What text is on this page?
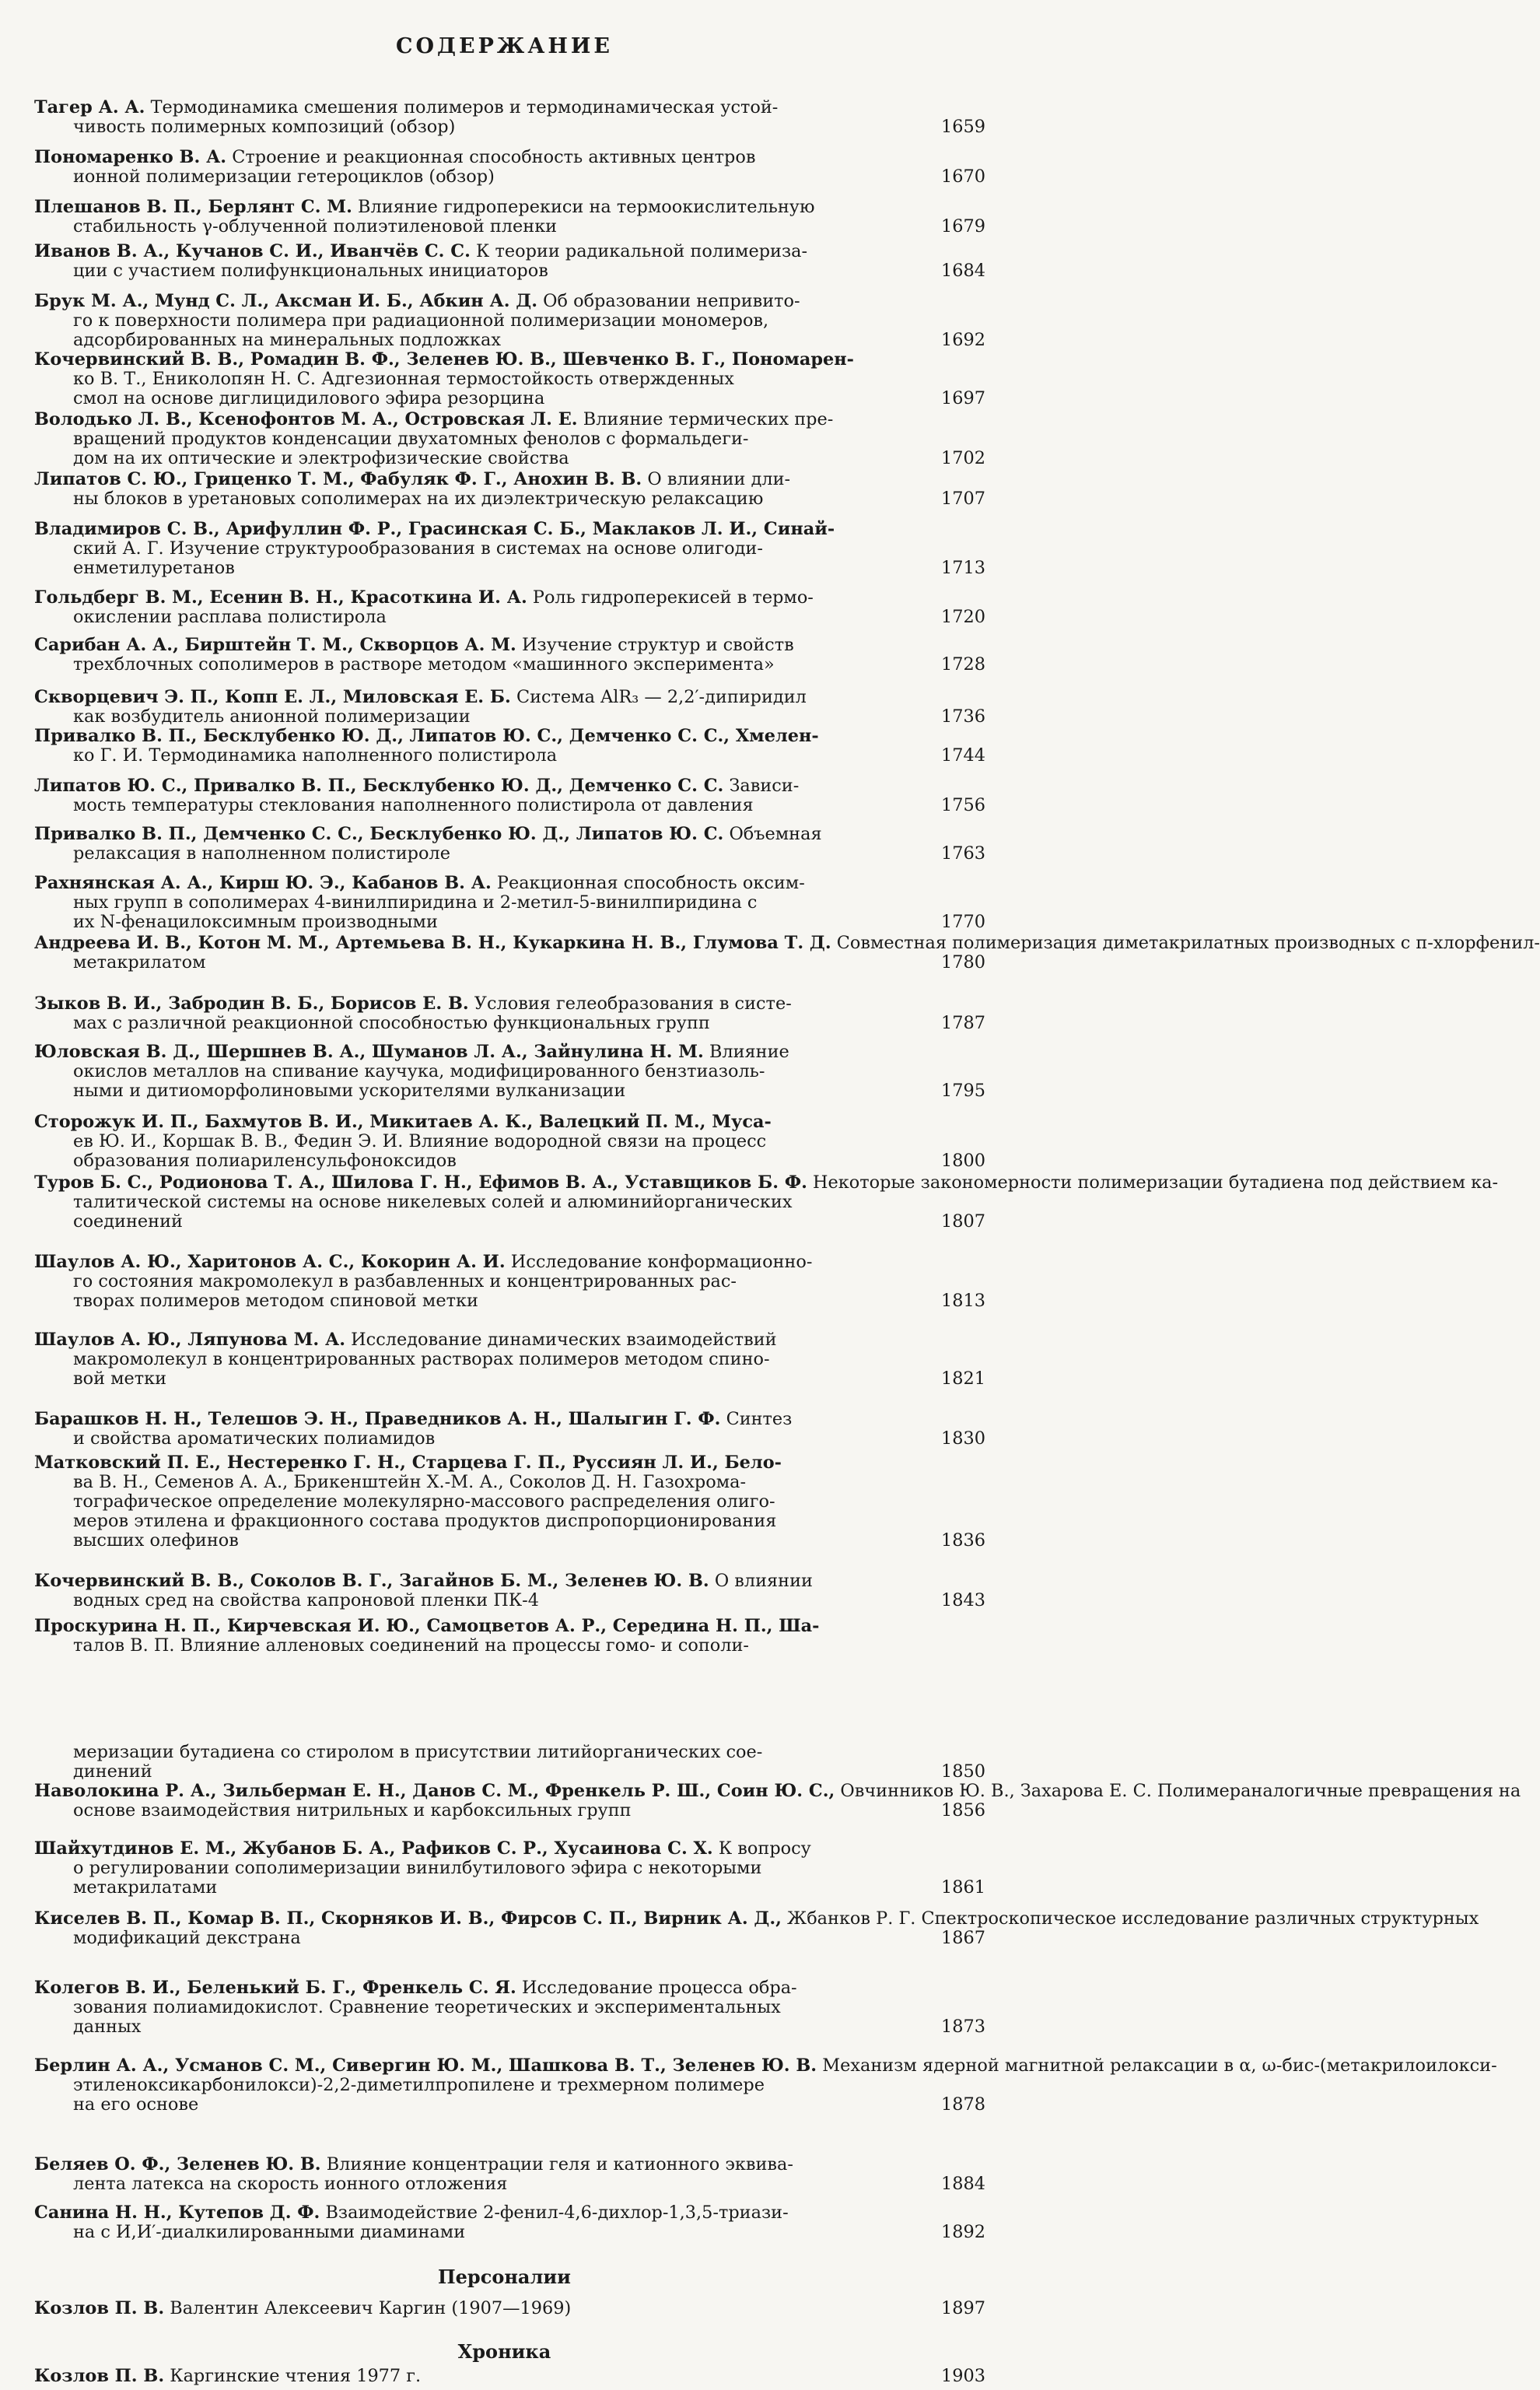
СОДЕРЖАНИЕ
Тагер А. А. Термодинамика смешения полимеров и термодинамическая устой-
чивость полимерных композиций (обзор)	1659
Пономаренко В. А. Строение и реакционная способность активных центров
ионной полимеризации гетероциклов (обзор)	1670
Плешанов В. П., Берлянт С. М. Влияние гидроперекиси на термоокислительную
стабильность γ-облученной полиэтиленовой пленки	1679
Иванов В. А., Кучанов С. И., Иванчёв С. С. К теории радикальной полимериза-
ции с участием полифункциональных инициаторов	1684
Брук М. А., Мунд С. Л., Аксман И. Б., Абкин А. Д. Об образовании непривито-
го к поверхности полимера при радиационной полимеризации мономеров,
адсорбированных на минеральных подложках	1692
Кочервинский В. В., Ромадин В. Ф., Зеленев Ю. В., Шевченко В. Г., Пономарен-
ко В. Т., Ениколопян Н. С. Адгезионная термостойкость отвержденных
смол на основе диглицидилового эфира резорцина	1697
Володько Л. В., Ксенофонтов М. А., Островская Л. Е. Влияние термических пре-
вращений продуктов конденсации двухатомных фенолов с формальдеги-
дом на их оптические и электрофизические свойства	1702
Липатов С. Ю., Гриценко Т. М., Фабуляк Ф. Г., Анохин В. В. О влиянии дли-
ны блоков в уретановых сополимерах на их диэлектрическую релаксацию	1707
Владимиров С. В., Арифуллин Ф. Р., Грасинская С. Б., Маклаков Л. И., Синай-
ский А. Г. Изучение структурообразования в системах на основе олигоди-
енметилуретанов	1713
Гольдберг В. М., Есенин В. Н., Красоткина И. А. Роль гидроперекисей в термо-
окислении расплава полистирола	1720
Сарибан А. А., Бирштейн Т. М., Скворцов А. М. Изучение структур и свойств
трехблочных сополимеров в растворе методом «машинного эксперимента»	1728
Скворцевич Э. П., Копп Е. Л., Миловская Е. Б. Система AlR₃ — 2,2′-дипиридил
как возбудитель анионной полимеризации	1736
Привалко В. П., Бесклубенко Ю. Д., Липатов Ю. С., Демченко С. С., Хмелен-
ко Г. И. Термодинамика наполненного полистирола	1744
Липатов Ю. С., Привалко В. П., Бесклубенко Ю. Д., Демченко С. С. Зависи-
мость температуры стеклования наполненного полистирола от давления	1756
Привалко В. П., Демченко С. С., Бесклубенко Ю. Д., Липатов Ю. С. Объемная
релаксация в наполненном полистироле	1763
Рахнянская А. А., Кирш Ю. Э., Кабанов В. А. Реакционная способность оксим-
ных групп в сополимерах 4-винилпиридина и 2-метил-5-винилпиридина с
их N-фенацилоксимным производными	1770
Андреева И. В., Котон М. М., Артемьева В. Н., Кукаркина Н. В., Глумова Т. Д. Совместная полимеризация диметакрилатных производных с п-хлорфенил-
метакрилатом	1780
Зыков В. И., Забродин В. Б., Борисов Е. В. Условия гелеобразования в систе-
мах с различной реакционной способностью функциональных групп	1787
Юловская В. Д., Шершнев В. А., Шуманов Л. А., Зайнулина Н. М. Влияние
окислов металлов на спивание каучука, модифицированного бензтиазоль-
ными и дитиоморфолиновыми ускорителями вулканизации	1795
Сторожук И. П., Бахмутов В. И., Микитаев А. К., Валецкий П. М., Муса-
ев Ю. И., Коршак В. В., Федин Э. И. Влияние водородной связи на процесс
образования полиариленсульфоноксидов	1800
Туров Б. С., Родионова Т. А., Шилова Г. Н., Ефимов В. А., Уставщиков Б. Ф. Некоторые закономерности полимеризации бутадиена под действием ка-
талитической системы на основе никелевых солей и алюминийорганических
соединений	1807
Шаулов А. Ю., Харитонов А. С., Кокорин А. И. Исследование конформационно-
го состояния макромолекул в разбавленных и концентрированных рас-
творах полимеров методом спиновой метки	1813
Шаулов А. Ю., Ляпунова М. А. Исследование динамических взаимодействий
макромолекул в концентрированных растворах полимеров методом спино-
вой метки	1821
Барашков Н. Н., Телешов Э. Н., Праведников А. Н., Шалыгин Г. Ф. Синтез
и свойства ароматических полиамидов	1830
Матковский П. Е., Нестеренко Г. Н., Старцева Г. П., Руссиян Л. И., Бело-
ва В. Н., Семенов А. А., Брикенштейн Х.-М. А., Соколов Д. Н. Газохрома-
тографическое определение молекулярно-массового распределения олиго-
меров этилена и фракционного состава продуктов диспропорционирования
высших олефинов	1836
Кочервинский В. В., Соколов В. Г., Загайнов Б. М., Зеленев Ю. В. О влиянии
водных сред на свойства капроновой пленки ПК-4	1843
Проскурина Н. П., Кирчевская И. Ю., Самоцветов А. Р., Середина Н. П., Ша-
талов В. П. Влияние алленовых соединений на процессы гомо- и сополи-
меризации бутадиена со стиролом в присутствии литийорганических сое-
динений	1850
Наволокина Р. А., Зильберман Е. Н., Данов С. М., Френкель Р. Ш., Соин Ю. С., Овчинников Ю. В., Захарова Е. С. Полимераналогичные превращения на
основе взаимодействия нитрильных и карбоксильных групп	1856
Шайхутдинов Е. М., Жубанов Б. А., Рафиков С. Р., Хусаинова С. Х. К вопросу
о регулировании сополимеризации винилбутилового эфира с некоторыми
метакрилатами	1861
Киселев В. П., Комар В. П., Скорняков И. В., Фирсов С. П., Вирник А. Д., Жбанков Р. Г. Спектроскопическое исследование различных структурных
модификаций декстрана	1867
Колегов В. И., Беленький Б. Г., Френкель С. Я. Исследование процесса обра-
зования полиамидокислот. Сравнение теоретических и экспериментальных
данных	1873
Берлин А. А., Усманов С. М., Сивергин Ю. М., Шашкова В. Т., Зеленев Ю. В. Механизм ядерной магнитной релаксации в α, ω-бис-(метакрилоилокси-
этиленоксикарбонилокси)-2,2-диметилпропилене и трехмерном полимере
на его основе	1878
Беляев О. Ф., Зеленев Ю. В. Влияние концентрации геля и катионного эквива-
лента латекса на скорость ионного отложения	1884
Санина Н. Н., Кутепов Д. Ф. Взаимодействие 2-фенил-4,6-дихлор-1,3,5-триази-
на с И,И′-диалкилированными диаминами	1892
Персоналии
Козлов П. В. Валентин Алексеевич Каргин (1907—1969)	1897
Хроника
Козлов П. В. Каргинские чтения 1977 г.	1903
